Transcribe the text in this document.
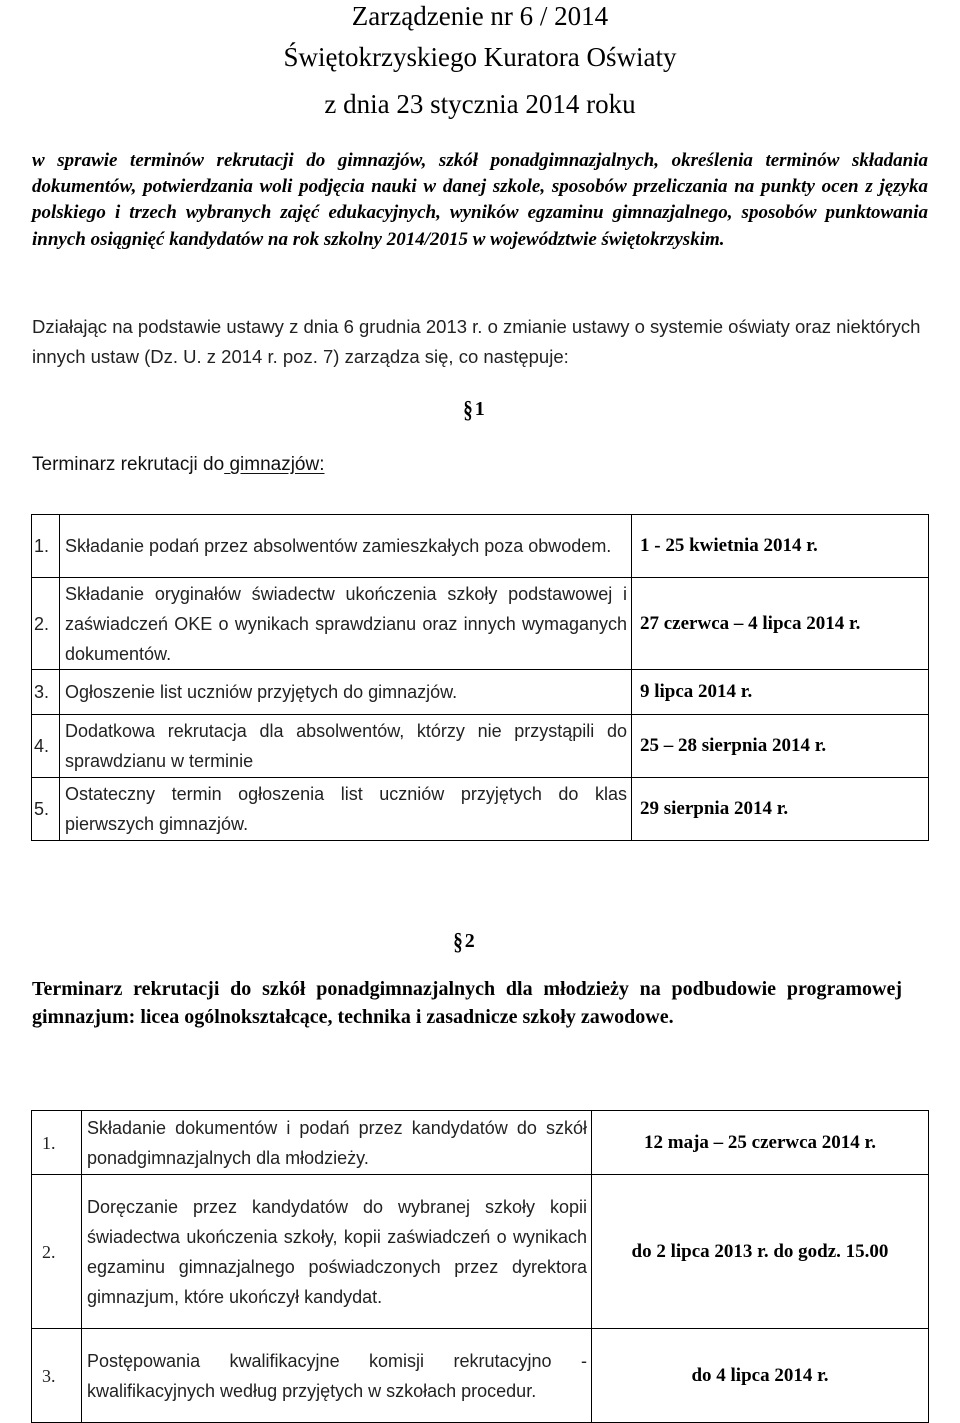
Zarządzenie nr 6 / 2014
Świętokrzyskiego Kuratora Oświaty
z dnia 23 stycznia 2014 roku
w sprawie terminów rekrutacji do gimnazjów, szkół ponadgimnazjalnych, określenia terminów składania dokumentów, potwierdzania woli podjęcia nauki w danej szkole, sposobów przeliczania na punkty ocen z języka polskiego i trzech wybranych zajęć edukacyjnych, wyników egzaminu gimnazjalnego, sposobów punktowania innych osiągnięć kandydatów na rok szkolny 2014/2015 w województwie świętokrzyskim.
Działając na podstawie ustawy z dnia 6 grudnia 2013 r. o zmianie ustawy o systemie oświaty oraz niektórych innych ustaw (Dz. U. z 2014 r. poz. 7) zarządza się, co następuje:
§ 1
Terminarz rekrutacji do gimnazjów:
1.	Składanie podań przez absolwentów zamieszkałych poza obwodem.	1 - 25 kwietnia 2014 r.
2.	Składanie oryginałów świadectw ukończenia szkoły podstawowej i zaświadczeń OKE o wynikach sprawdzianu oraz innych wymaganych dokumentów.	27 czerwca – 4 lipca 2014 r.
3.	Ogłoszenie list uczniów przyjętych do gimnazjów.	9 lipca 2014 r.
4.	Dodatkowa rekrutacja dla absolwentów, którzy nie przystąpili do sprawdzianu w terminie	25 – 28 sierpnia 2014 r.
5.	Ostateczny termin ogłoszenia list uczniów przyjętych do klas pierwszych gimnazjów.	29 sierpnia 2014 r.
§ 2
Terminarz rekrutacji do szkół ponadgimnazjalnych dla młodzieży na podbudowie programowej gimnazjum: licea ogólnokształcące, technika i zasadnicze szkoły zawodowe.
1.	Składanie dokumentów i podań przez kandydatów do szkół ponadgimnazjalnych dla młodzieży.	12 maja – 25 czerwca 2014 r.
2.	Doręczanie przez kandydatów do wybranej szkoły kopii świadectwa ukończenia szkoły, kopii zaświadczeń o wynikach egzaminu gimnazjalnego poświadczonych przez dyrektora gimnazjum, które ukończył kandydat.	do 2 lipca 2013 r. do godz. 15.00
3.	Postępowania kwalifikacyjne komisji rekrutacyjno - kwalifikacyjnych według przyjętych w szkołach procedur.	do 4 lipca 2014 r.
